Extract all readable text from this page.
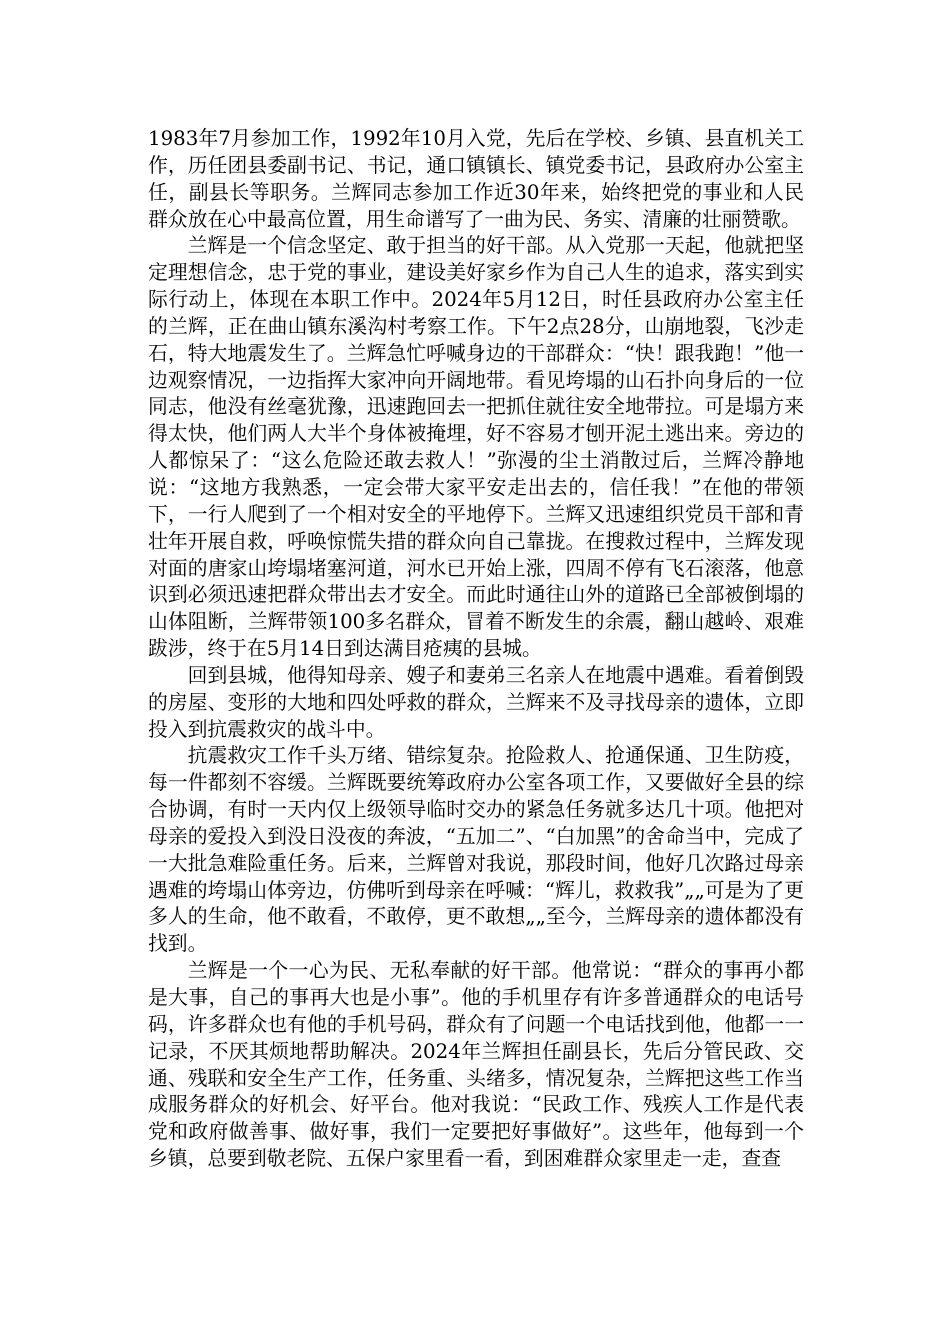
1983年7月参加工作，1992年10月入党，先后在学校、乡镇、县直机关工作，历任团县委副书记、书记，通口镇镇长、镇党委书记，县政府办公室主任，副县长等职务。兰辉同志参加工作近30年来，始终把党的事业和人民群众放在心中最高位置，用生命谱写了一曲为民、务实、清廉的壮丽赞歌。

兰辉是一个信念坚定、敢于担当的好干部。从入党那一天起，他就把坚定理想信念，忠于党的事业，建设美好家乡作为自己人生的追求，落实到实际行动上，体现在本职工作中。2024年5月12日，时任县政府办公室主任的兰辉，正在曲山镇东溪沟村考察工作。下午2点28分，山崩地裂，飞沙走石，特大地震发生了。兰辉急忙呼喊身边的干部群众：“快！跟我跑！”他一边观察情况，一边指挥大家冲向开阔地带。看见垮塌的山石扑向身后的一位同志，他没有丝毫犹豫，迅速跑回去一把抓住就往安全地带拉。可是塌方来得太快，他们两人大半个身体被掩埋，好不容易才刨开泥土逃出来。旁边的人都惊呆了：“这么危险还敢去救人！”弥漫的尘土消散过后，兰辉冷静地说：“这地方我熟悉，一定会带大家平安走出去的，信任我！”在他的带领下，一行人爬到了一个相对安全的平地停下。兰辉又迅速组织党员干部和青壮年开展自救，呼唤惊慌失措的群众向自己靠拢。在搜救过程中，兰辉发现对面的唐家山垮塌堵塞河道，河水已开始上涨，四周不停有飞石滚落，他意识到必须迅速把群众带出去才安全。而此时通往山外的道路已全部被倒塌的山体阻断，兰辉带领100多名群众，冒着不断发生的余震，翻山越岭、艰难跋涉，终于在5月14日到达满目疮痍的县城。

回到县城，他得知母亲、嫂子和妻弟三名亲人在地震中遇难。看着倒毁的房屋、变形的大地和四处呼救的群众，兰辉来不及寻找母亲的遗体，立即投入到抗震救灾的战斗中。

抗震救灾工作千头万绪、错综复杂。抢险救人、抢通保通、卫生防疫，每一件都刻不容缓。兰辉既要统筹政府办公室各项工作，又要做好全县的综合协调，有时一天内仅上级领导临时交办的紧急任务就多达几十项。他把对母亲的爱投入到没日没夜的奔波，“五加二”、“白加黑”的舍命当中，完成了一大批急难险重任务。后来，兰辉曾对我说，那段时间，他好几次路过母亲遇难的垮塌山体旁边，仿佛听到母亲在呼喊：“辉儿，救救我”„„可是为了更多人的生命，他不敢看，不敢停，更不敢想„„至今，兰辉母亲的遗体都没有找到。

兰辉是一个一心为民、无私奉献的好干部。他常说：“群众的事再小都是大事，自己的事再大也是小事”。他的手机里存有许多普通群众的电话号码，许多群众也有他的手机号码，群众有了问题一个电话找到他，他都一一记录，不厌其烦地帮助解决。2024年兰辉担任副县长，先后分管民政、交通、残联和安全生产工作，任务重、头绪多，情况复杂，兰辉把这些工作当成服务群众的好机会、好平台。他对我说：“民政工作、残疾人工作是代表党和政府做善事、做好事，我们一定要把好事做好”。这些年，他每到一个乡镇，总要到敬老院、五保户家里看一看，到困难群众家里走一走，查查
